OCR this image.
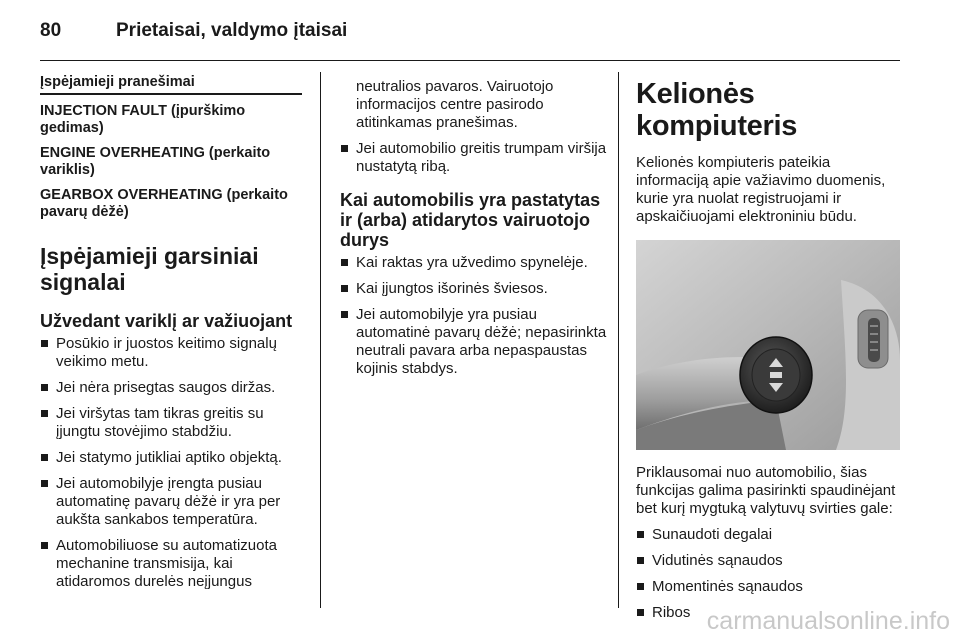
80	Prietaisai, valdymo įtaisai
Įspėjamieji pranešimai
INJECTION FAULT (įpurškimo gedimas)
ENGINE OVERHEATING (perkaito variklis)
GEARBOX OVERHEATING (perkaito pavarų dėžė)
Įspėjamieji garsiniai signalai
Užvedant variklį ar važiuojant
Posūkio ir juostos keitimo signalų veikimo metu.
Jei nėra prisegtas saugos diržas.
Jei viršytas tam tikras greitis su įjungtu stovėjimo stabdžiu.
Jei statymo jutikliai aptiko objektą.
Jei automobilyje įrengta pusiau automatinę pavarų dėžė ir yra per aukšta sankabos temperatūra.
Automobiliuose su automatizuota mechanine transmisija, kai atidaromos durelės neįjungus
neutralios pavaros. Vairuotojo informacijos centre pasirodo atitinkamas pranešimas.
Jei automobilio greitis trumpam viršija nustatytą ribą.
Kai automobilis yra pastatytas ir (arba) atidarytos vairuotojo durys
Kai raktas yra užvedimo spynelėje.
Kai įjungtos išorinės šviesos.
Jei automobilyje yra pusiau automatinė pavarų dėžė; nepasirinkta neutrali pavara arba nepaspaustas kojinis stabdys.
Kelionės kompiuteris

Kelionės kompiuteris pateikia informaciją apie važiavimo duomenis, kurie yra nuolat registruojami ir apskaičiuojami elektroniniu būdu.

Priklausomai nuo automobilio, šias funkcijas galima pasirinkti spaudinėjant bet kurį mygtuką valytuvų svirties gale:

Sunaudoti degalai
Vidutinės sąnaudos
Momentinės sąnaudos
Ribos carmanualsonline.info
